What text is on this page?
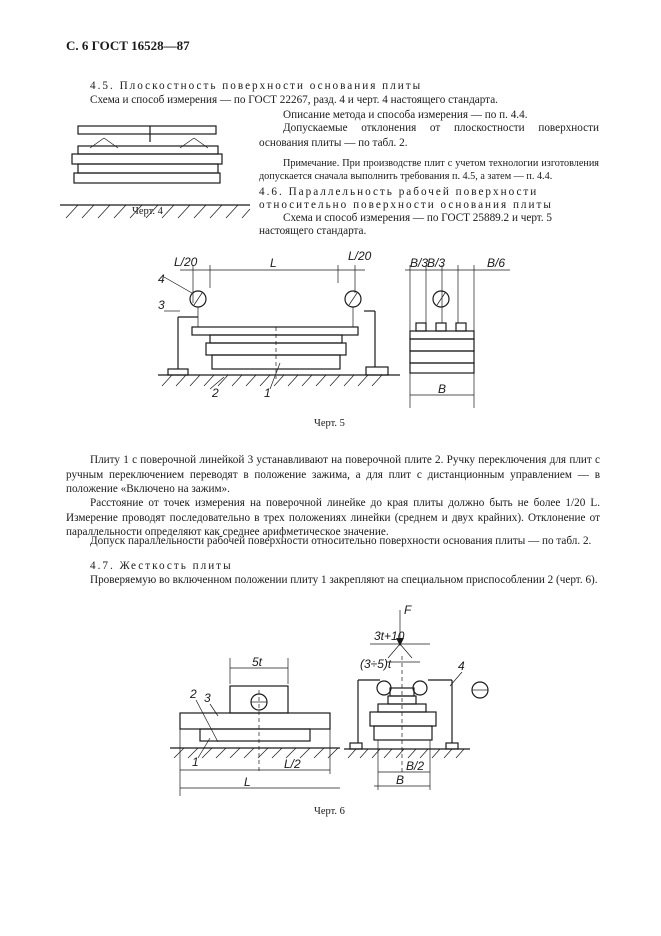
С. 6 ГОСТ 16528—87
4.5. Плоскостность поверхности основания плиты
Схема и способ измерения — по ГОСТ 22267, разд. 4 и черт. 4 настоящего стандарта.
Описание метода и способа измерения — по п. 4.4.
Допускаемые отклонения от плоскостности поверхности основания плиты — по табл. 2.
Примечание. При производстве плит с учетом технологии изготовления допускается сначала выполнить требования п. 4.5, а затем — п. 4.4.
4.6. Параллельность рабочей поверхности относительно поверхности основания плиты
Схема и способ измерения — по ГОСТ 25889.2 и черт. 5 настоящего стандарта.
Черт. 4
L/20	L	L/20
4
3
2	1
B/3
B/3	B/6
B
Черт. 5
Плиту 1 с поверочной линейкой 3 устанавливают на поверочной плите 2. Ручку переключения для плит с ручным переключением переводят в положение зажима, а для плит с дистанционным управлением — в положение «Включено на зажим».
Расстояние от точек измерения на поверочной линейке до края плиты должно быть не более 1/20 L. Измерение проводят последовательно в трех положениях линейки (среднем и двух крайних). Отклонение от параллельности определяют как среднее арифметическое значение.
Допуск параллельности рабочей поверхности относительно поверхности основания плиты — по табл. 2.
4.7. Жесткость плиты
Проверяемую во включенном положении плиту 1 закрепляют на специальном приспособлении 2 (черт. 6).
5t
L/2
L
3
2
1
F
3t+10
(3÷5)t	4
B/2
B
Черт. 6
